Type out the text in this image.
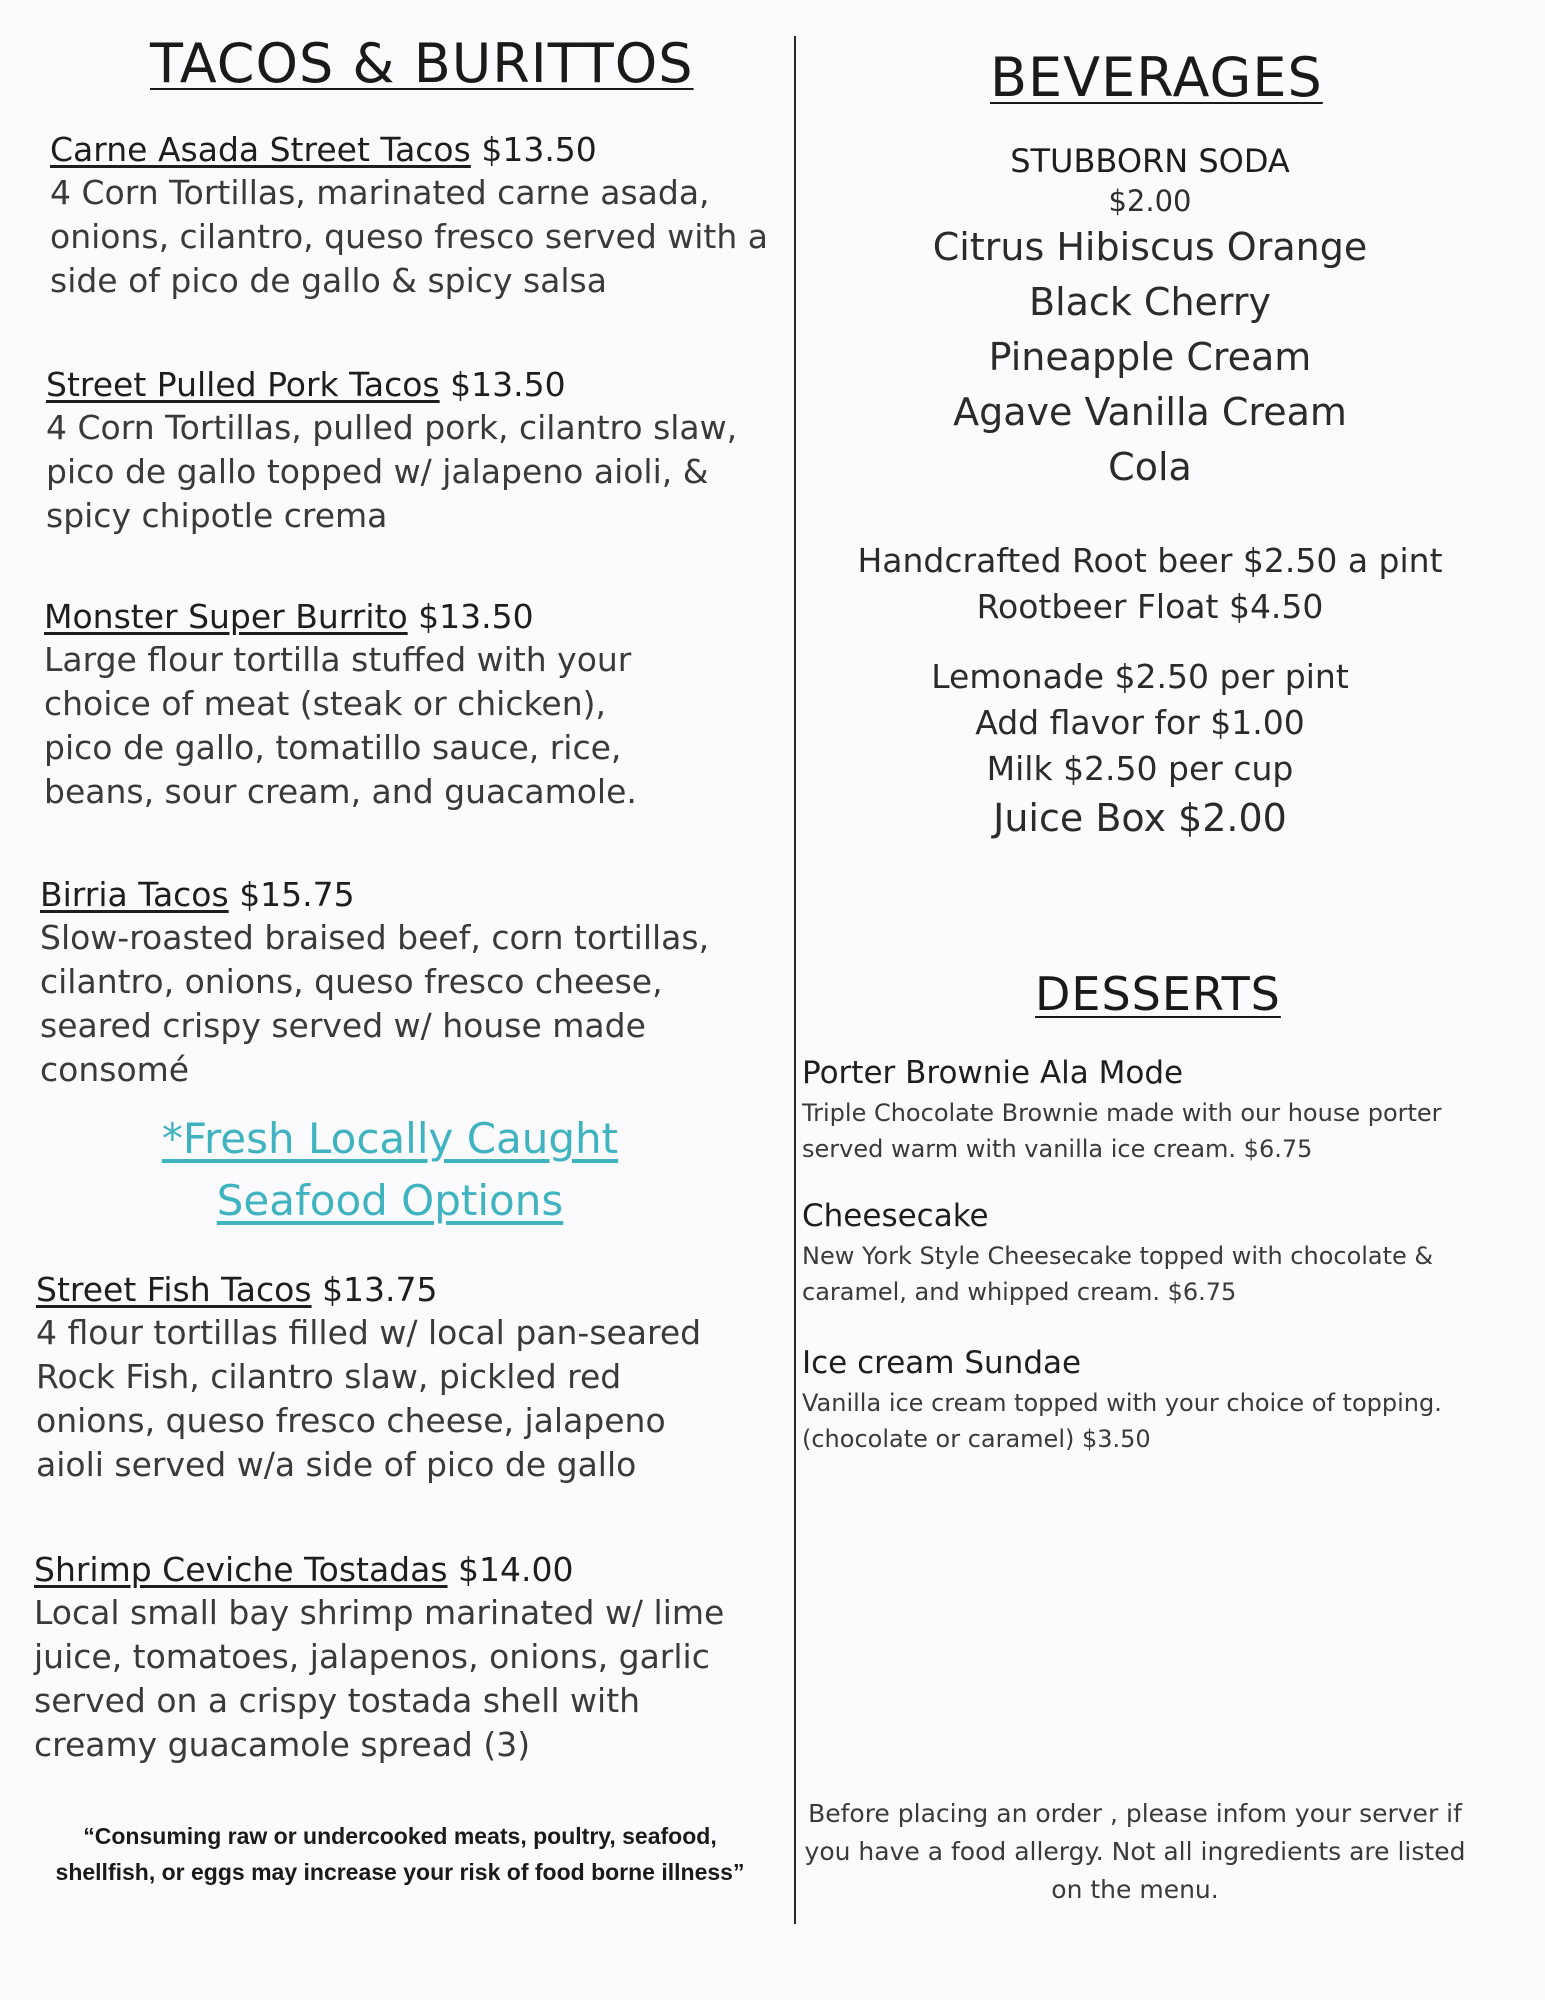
TACOS & BURITTOS
Carne Asada Street Tacos $13.50
4 Corn Tortillas, marinated carne asada, onions, cilantro, queso fresco served with a side of pico de gallo & spicy salsa
Street Pulled Pork Tacos $13.50
4 Corn Tortillas, pulled pork, cilantro slaw, pico de gallo topped w/ jalapeno aioli, & spicy chipotle crema
Monster Super Burrito $13.50
Large flour tortilla stuffed with your choice of meat (steak or chicken), pico de gallo, tomatillo sauce, rice, beans, sour cream, and guacamole.
Birria Tacos $15.75
Slow-roasted braised beef, corn tortillas, cilantro, onions, queso fresco cheese, seared crispy served w/ house made consomé
*Fresh Locally Caught Seafood Options
Street Fish Tacos $13.75
4 flour tortillas filled w/ local pan-seared Rock Fish, cilantro slaw, pickled red onions, queso fresco cheese, jalapeno aioli served w/a side of pico de gallo
Shrimp Ceviche Tostadas $14.00
Local small bay shrimp marinated w/ lime juice, tomatoes, jalapenos, onions, garlic served on a crispy tostada shell with creamy guacamole spread (3)
“Consuming raw or undercooked meats, poultry, seafood, shellfish, or eggs may increase your risk of food borne illness”
BEVERAGES
STUBBORN SODA
$2.00
Citrus Hibiscus Orange
Black Cherry
Pineapple Cream
Agave Vanilla Cream
Cola
Handcrafted Root beer $2.50 a pint
Rootbeer Float $4.50
Lemonade $2.50 per pint
Add flavor for $1.00
Milk $2.50 per cup
Juice Box $2.00
DESSERTS
Porter Brownie Ala Mode
Triple Chocolate Brownie made with our house porter served warm with vanilla ice cream. $6.75
Cheesecake
New York Style Cheesecake topped with chocolate & caramel, and whipped cream. $6.75
Ice cream Sundae
Vanilla ice cream topped with your choice of topping. (chocolate or caramel) $3.50
Before placing an order , please infom your server if you have a food allergy. Not all ingredients are listed on the menu.
